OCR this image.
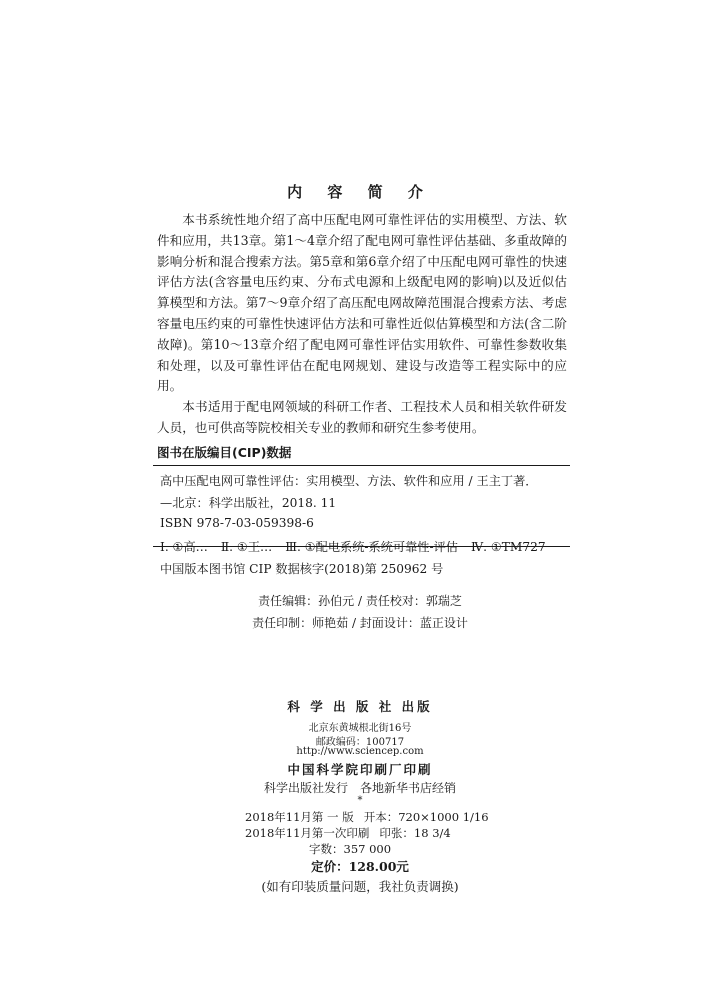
内 容 简 介

本书系统性地介绍了高中压配电网可靠性评估的实用模型、方法、软件和应用，共13章。第1～4章介绍了配电网可靠性评估基础、多重故障的影响分析和混合搜索方法。第5章和第6章介绍了中压配电网可靠性的快速评估方法(含容量电压约束、分布式电源和上级配电网的影响)以及近似估算模型和方法。第7～9章介绍了高压配电网故障范围混合搜索方法、考虑容量电压约束的可靠性快速评估方法和可靠性近似估算模型和方法(含二阶故障)。第10～13章介绍了配电网可靠性评估实用软件、可靠性参数收集和处理，以及可靠性评估在配电网规划、建设与改造等工程实际中的应用。

本书适用于配电网领域的科研工作者、工程技术人员和相关软件研发人员，也可供高等院校相关专业的教师和研究生参考使用。

图书在版编目(CIP)数据
高中压配电网可靠性评估：实用模型、方法、软件和应用 / 王主丁著．
—北京：科学出版社，2018. 11
ISBN 978-7-03-059398-6
Ⅰ. ①高… Ⅱ. ①王… Ⅲ. ①配电系统-系统可靠性-评估 Ⅳ. ①TM727
中国版本图书馆 CIP 数据核字(2018)第 250962 号
责任编辑：孙伯元 / 责任校对：郭瑞芝
责任印制：师艳茹 / 封面设计：蓝正设计
科 学 出 版 社 出版
北京东黄城根北街16号
邮政编码：100717
http://www.sciencep.com
中国科学院印刷厂印刷
科学出版社发行 各地新华书店经销
*
2018年11月第 一 版 开本：720×1000 1/16
2018年11月第一次印刷 印张：18 3/4
字数：357 000
定价：128.00元
(如有印装质量问题，我社负责调换)
